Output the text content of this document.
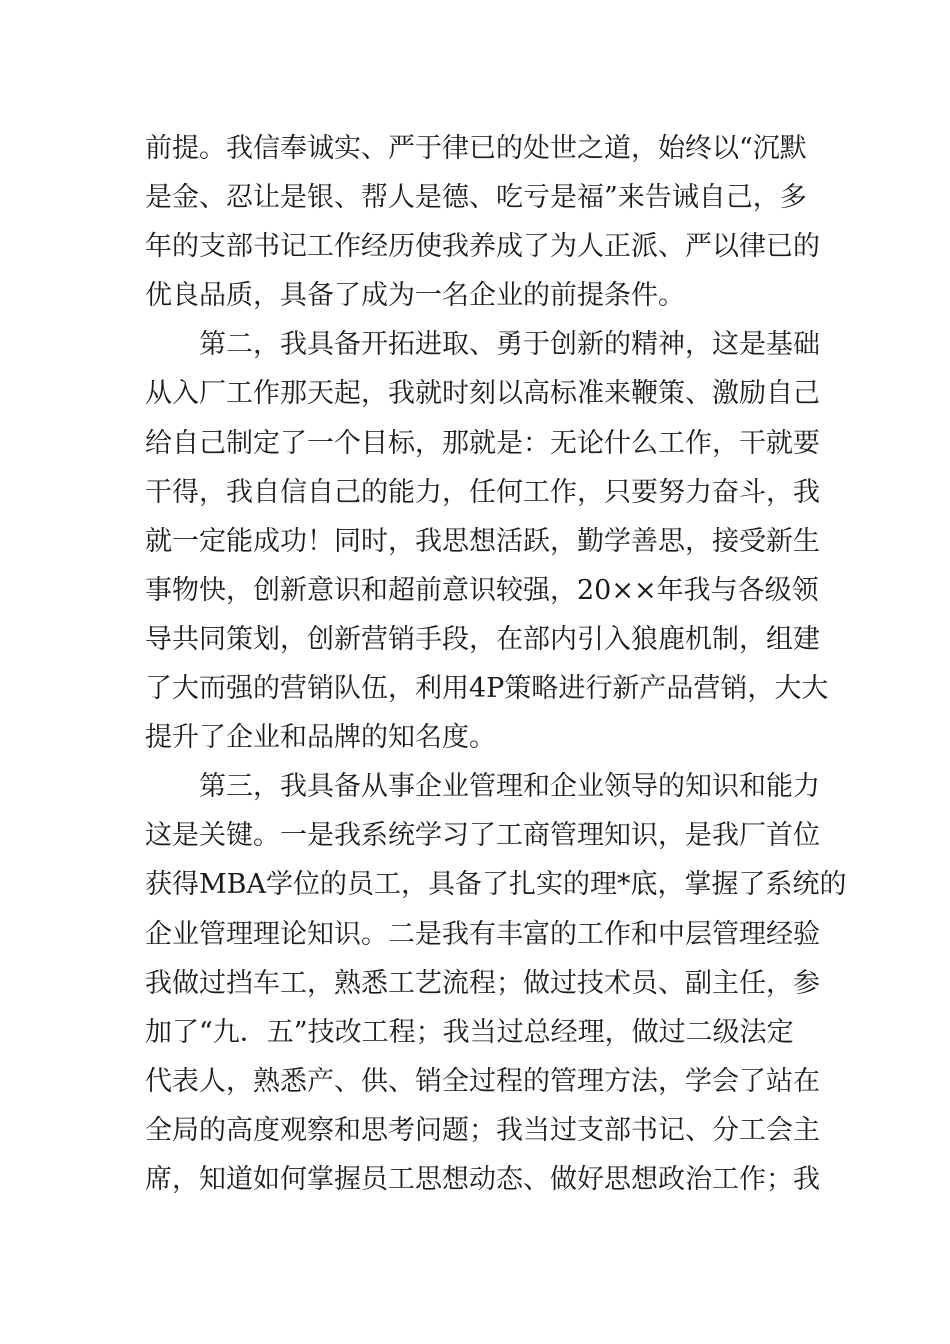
前提。我信奉诚实、严于律已的处世之道，始终以“沉默
是金、忍让是银、帮人是德、吃亏是福”来告诫自己，多
年的支部书记工作经历使我养成了为人正派、严以律已的
优良品质，具备了成为一名企业的前提条件。
第二，我具备开拓进取、勇于创新的精神，这是基础
从入厂工作那天起，我就时刻以高标准来鞭策、激励自己
给自己制定了一个目标，那就是：无论什么工作，干就要
干得，我自信自己的能力，任何工作，只要努力奋斗，我
就一定能成功！同时，我思想活跃，勤学善思，接受新生
事物快，创新意识和超前意识较强，20××年我与各级领
导共同策划，创新营销手段，在部内引入狼鹿机制，组建
了大而强的营销队伍，利用4P策略进行新产品营销，大大
提升了企业和品牌的知名度。
第三，我具备从事企业管理和企业领导的知识和能力
这是关键。一是我系统学习了工商管理知识，是我厂首位
获得MBA学位的员工，具备了扎实的理*底，掌握了系统的
企业管理理论知识。二是我有丰富的工作和中层管理经验
我做过挡车工，熟悉工艺流程；做过技术员、副主任，参
加了“九．五”技改工程；我当过总经理，做过二级法定
代表人，熟悉产、供、销全过程的管理方法，学会了站在
全局的高度观察和思考问题；我当过支部书记、分工会主
席，知道如何掌握员工思想动态、做好思想政治工作；我
